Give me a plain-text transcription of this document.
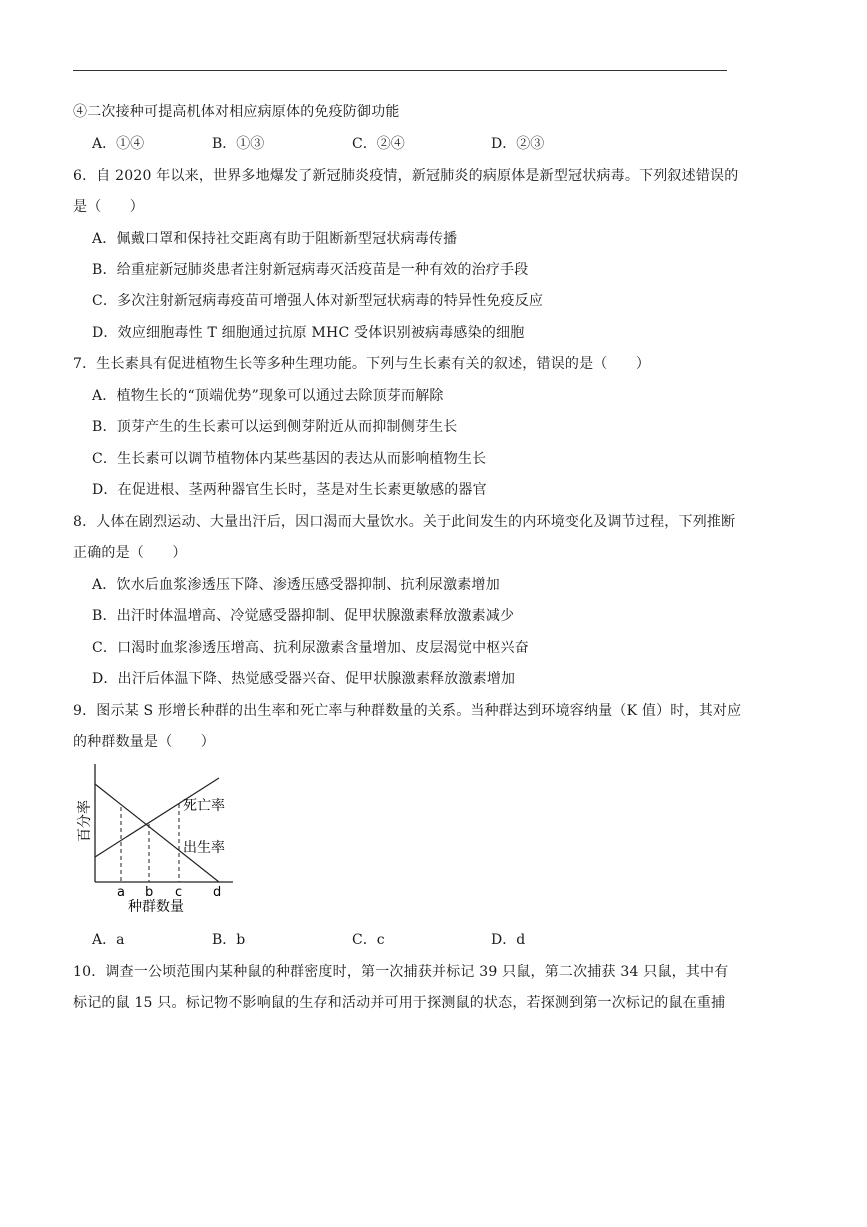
④二次接种可提高机体对相应病原体的免疫防御功能
A．①④	B．①③	C．②④	D．②③
6．自 2020 年以来，世界多地爆发了新冠肺炎疫情，新冠肺炎的病原体是新型冠状病毒。下列叙述错误的
是（　　）
A．佩戴口罩和保持社交距离有助于阻断新型冠状病毒传播
B．给重症新冠肺炎患者注射新冠病毒灭活疫苗是一种有效的治疗手段
C．多次注射新冠病毒疫苗可增强人体对新型冠状病毒的特异性免疫反应
D．效应细胞毒性 T 细胞通过抗原 MHC 受体识别被病毒感染的细胞
7．生长素具有促进植物生长等多种生理功能。下列与生长素有关的叙述，错误的是（　　）
A．植物生长的“顶端优势”现象可以通过去除顶芽而解除
B．顶芽产生的生长素可以运到侧芽附近从而抑制侧芽生长
C．生长素可以调节植物体内某些基因的表达从而影响植物生长
D．在促进根、茎两种器官生长时，茎是对生长素更敏感的器官
8．人体在剧烈运动、大量出汗后，因口渴而大量饮水。关于此间发生的内环境变化及调节过程，下列推断
正确的是（　　）
A．饮水后血浆渗透压下降、渗透压感受器抑制、抗利尿激素增加
B．出汗时体温增高、冷觉感受器抑制、促甲状腺激素释放激素减少
C．口渴时血浆渗透压增高、抗利尿激素含量增加、皮层渴觉中枢兴奋
D．出汗后体温下降、热觉感受器兴奋、促甲状腺激素释放激素增加
9．图示某 S 形增长种群的出生率和死亡率与种群数量的关系。当种群达到环境容纳量（K 值）时，其对应
的种群数量是（　　）
死亡率
出生率
百分率
a b c d
种群数量
A．a	B．b	C．c	D．d
10．调查一公顷范围内某种鼠的种群密度时，第一次捕获并标记 39 只鼠，第二次捕获 34 只鼠，其中有
标记的鼠 15 只。标记物不影响鼠的生存和活动并可用于探测鼠的状态，若探测到第一次标记的鼠在重捕
